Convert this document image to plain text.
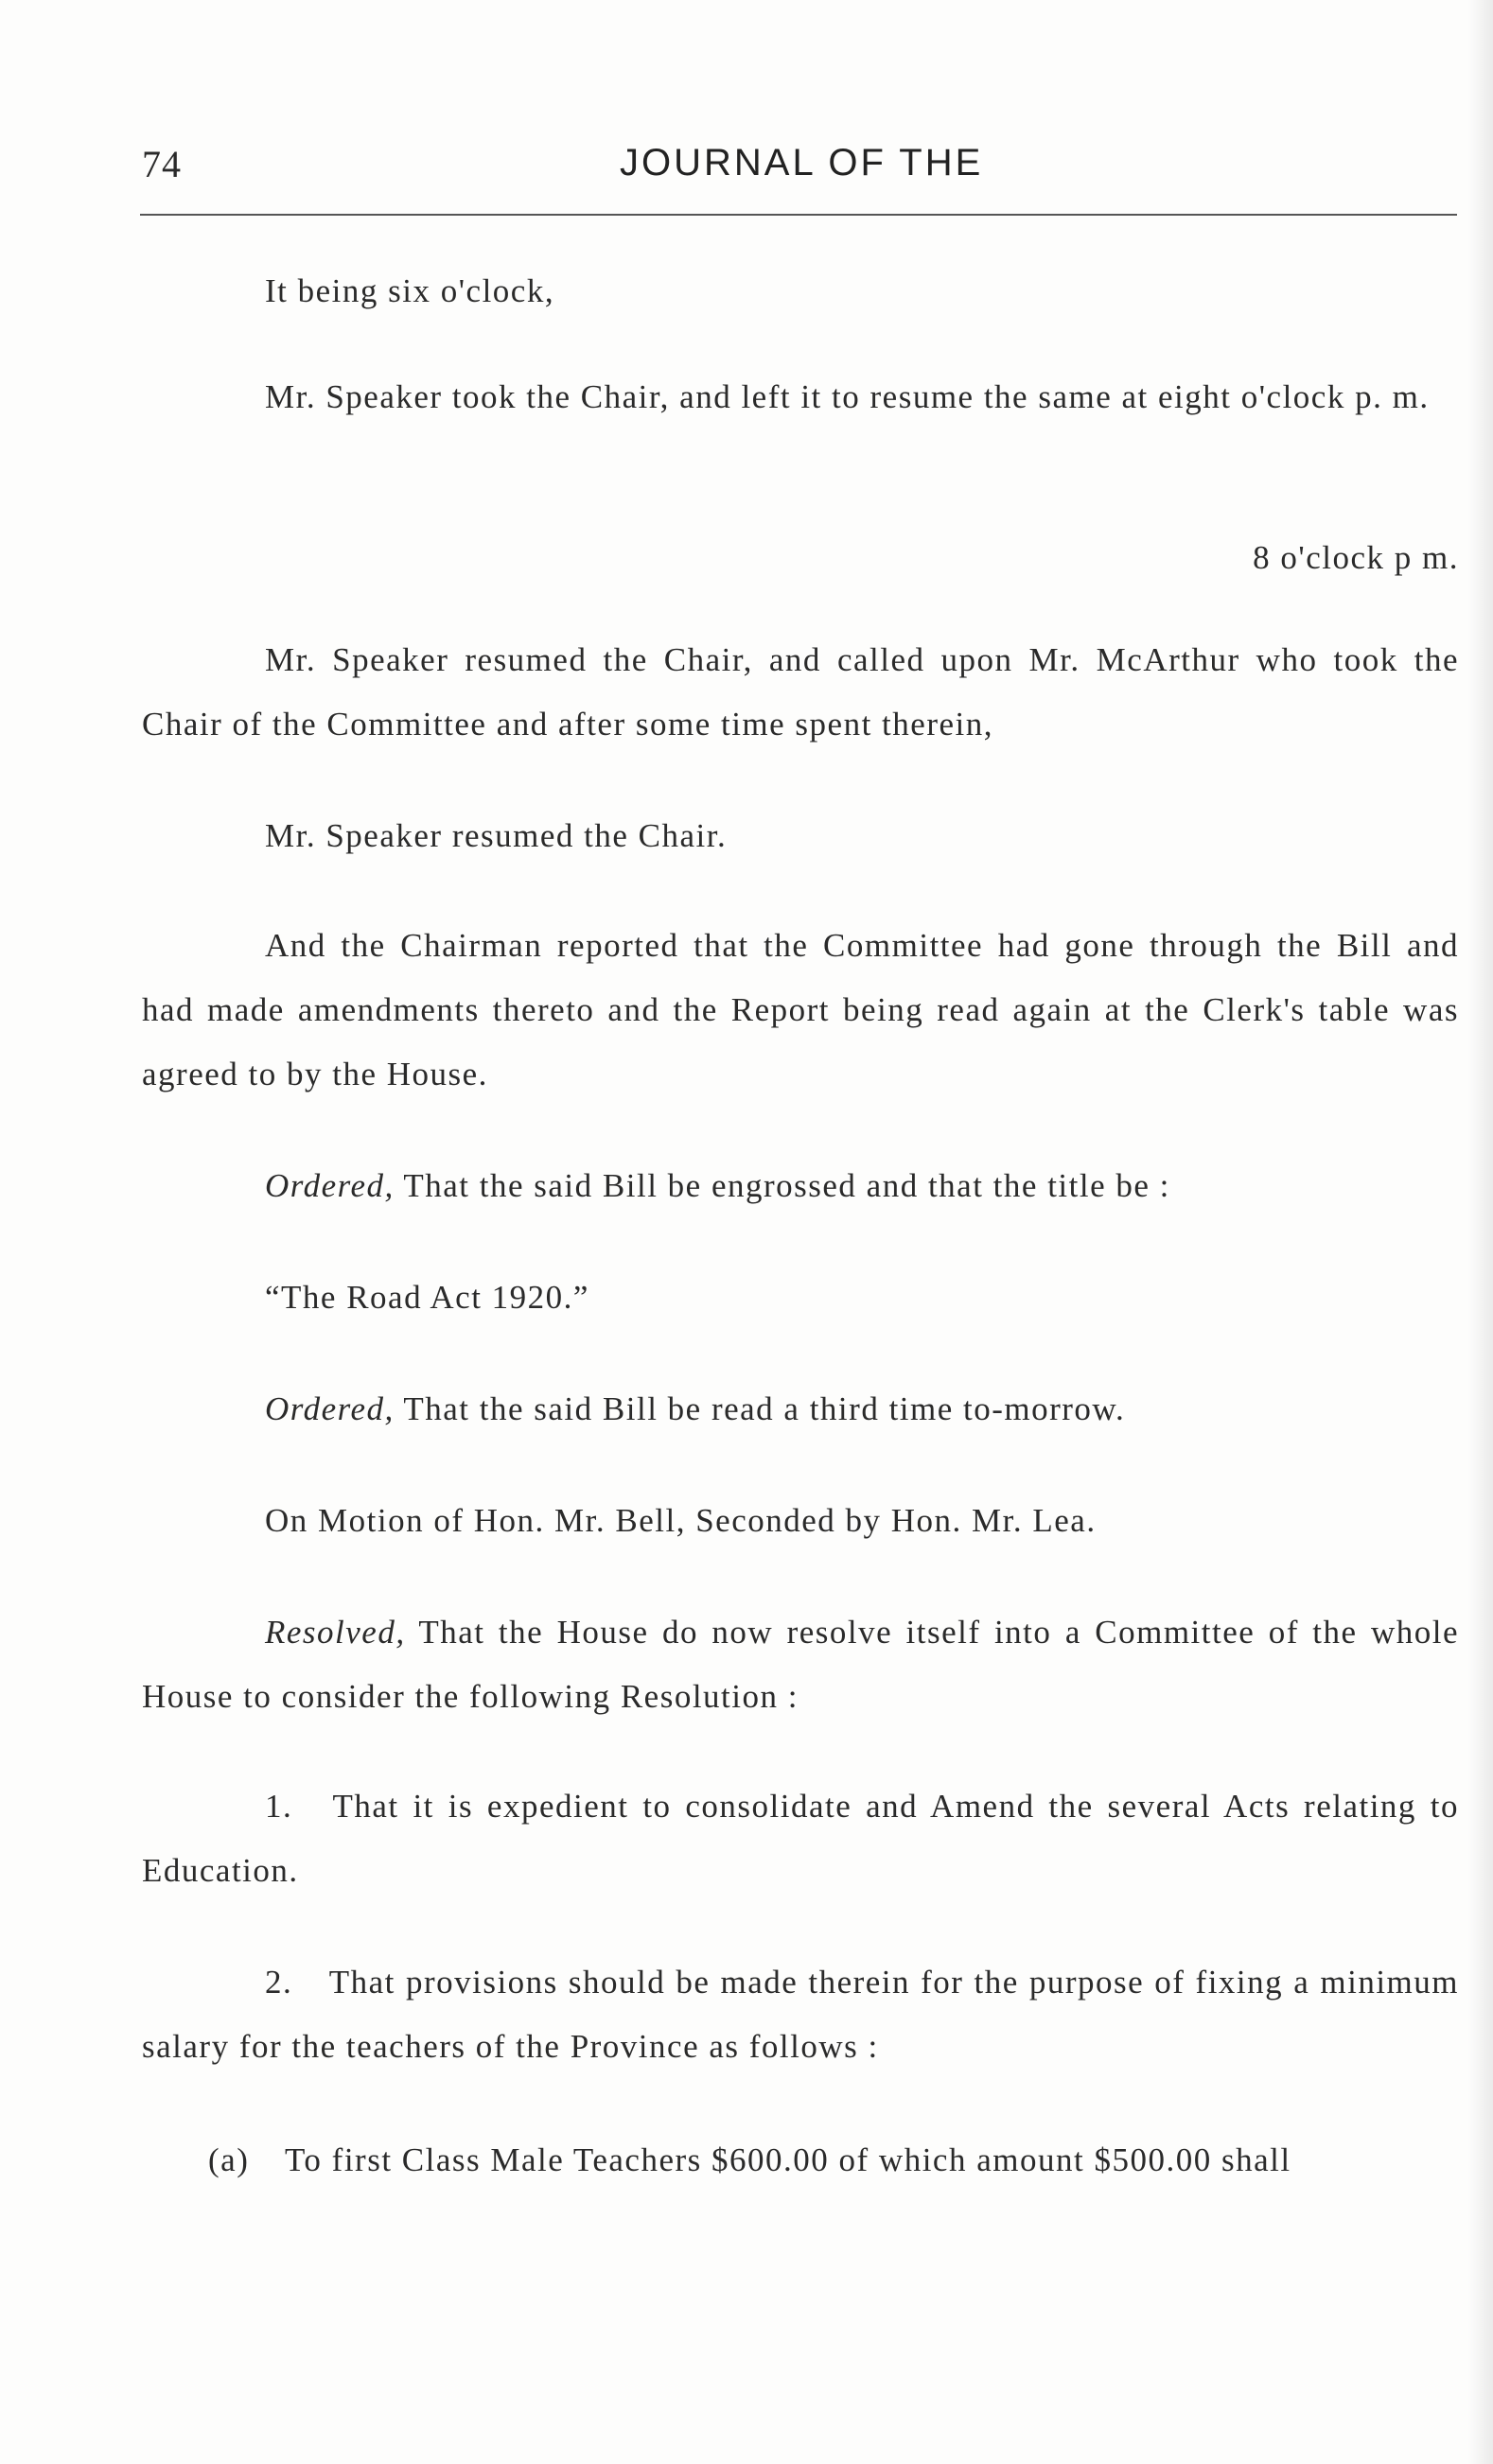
74	JOURNAL OF THE
It being six o'clock,
Mr. Speaker took the Chair, and left it to resume the same at eight o'clock p. m.
8 o'clock p m.
Mr. Speaker resumed the Chair, and called upon Mr. McArthur who took the Chair of the Committee and after some time spent therein,
Mr. Speaker resumed the Chair.
And the Chairman reported that the Committee had gone through the Bill and had made amendments thereto and the Report being read again at the Clerk's table was agreed to by the House.
Ordered, That the said Bill be engrossed and that the title be :
“The Road Act 1920.”
Ordered, That the said Bill be read a third time to-morrow.
On Motion of Hon. Mr. Bell, Seconded by Hon. Mr. Lea.
Resolved, That the House do now resolve itself into a Committee of the whole House to consider the following Resolution :
1. That it is expedient to consolidate and Amend the several Acts relating to Education.
2. That provisions should be made therein for the purpose of fixing a minimum salary for the teachers of the Province as follows :
(a) To first Class Male Teachers $600.00 of which amount $500.00 shall
